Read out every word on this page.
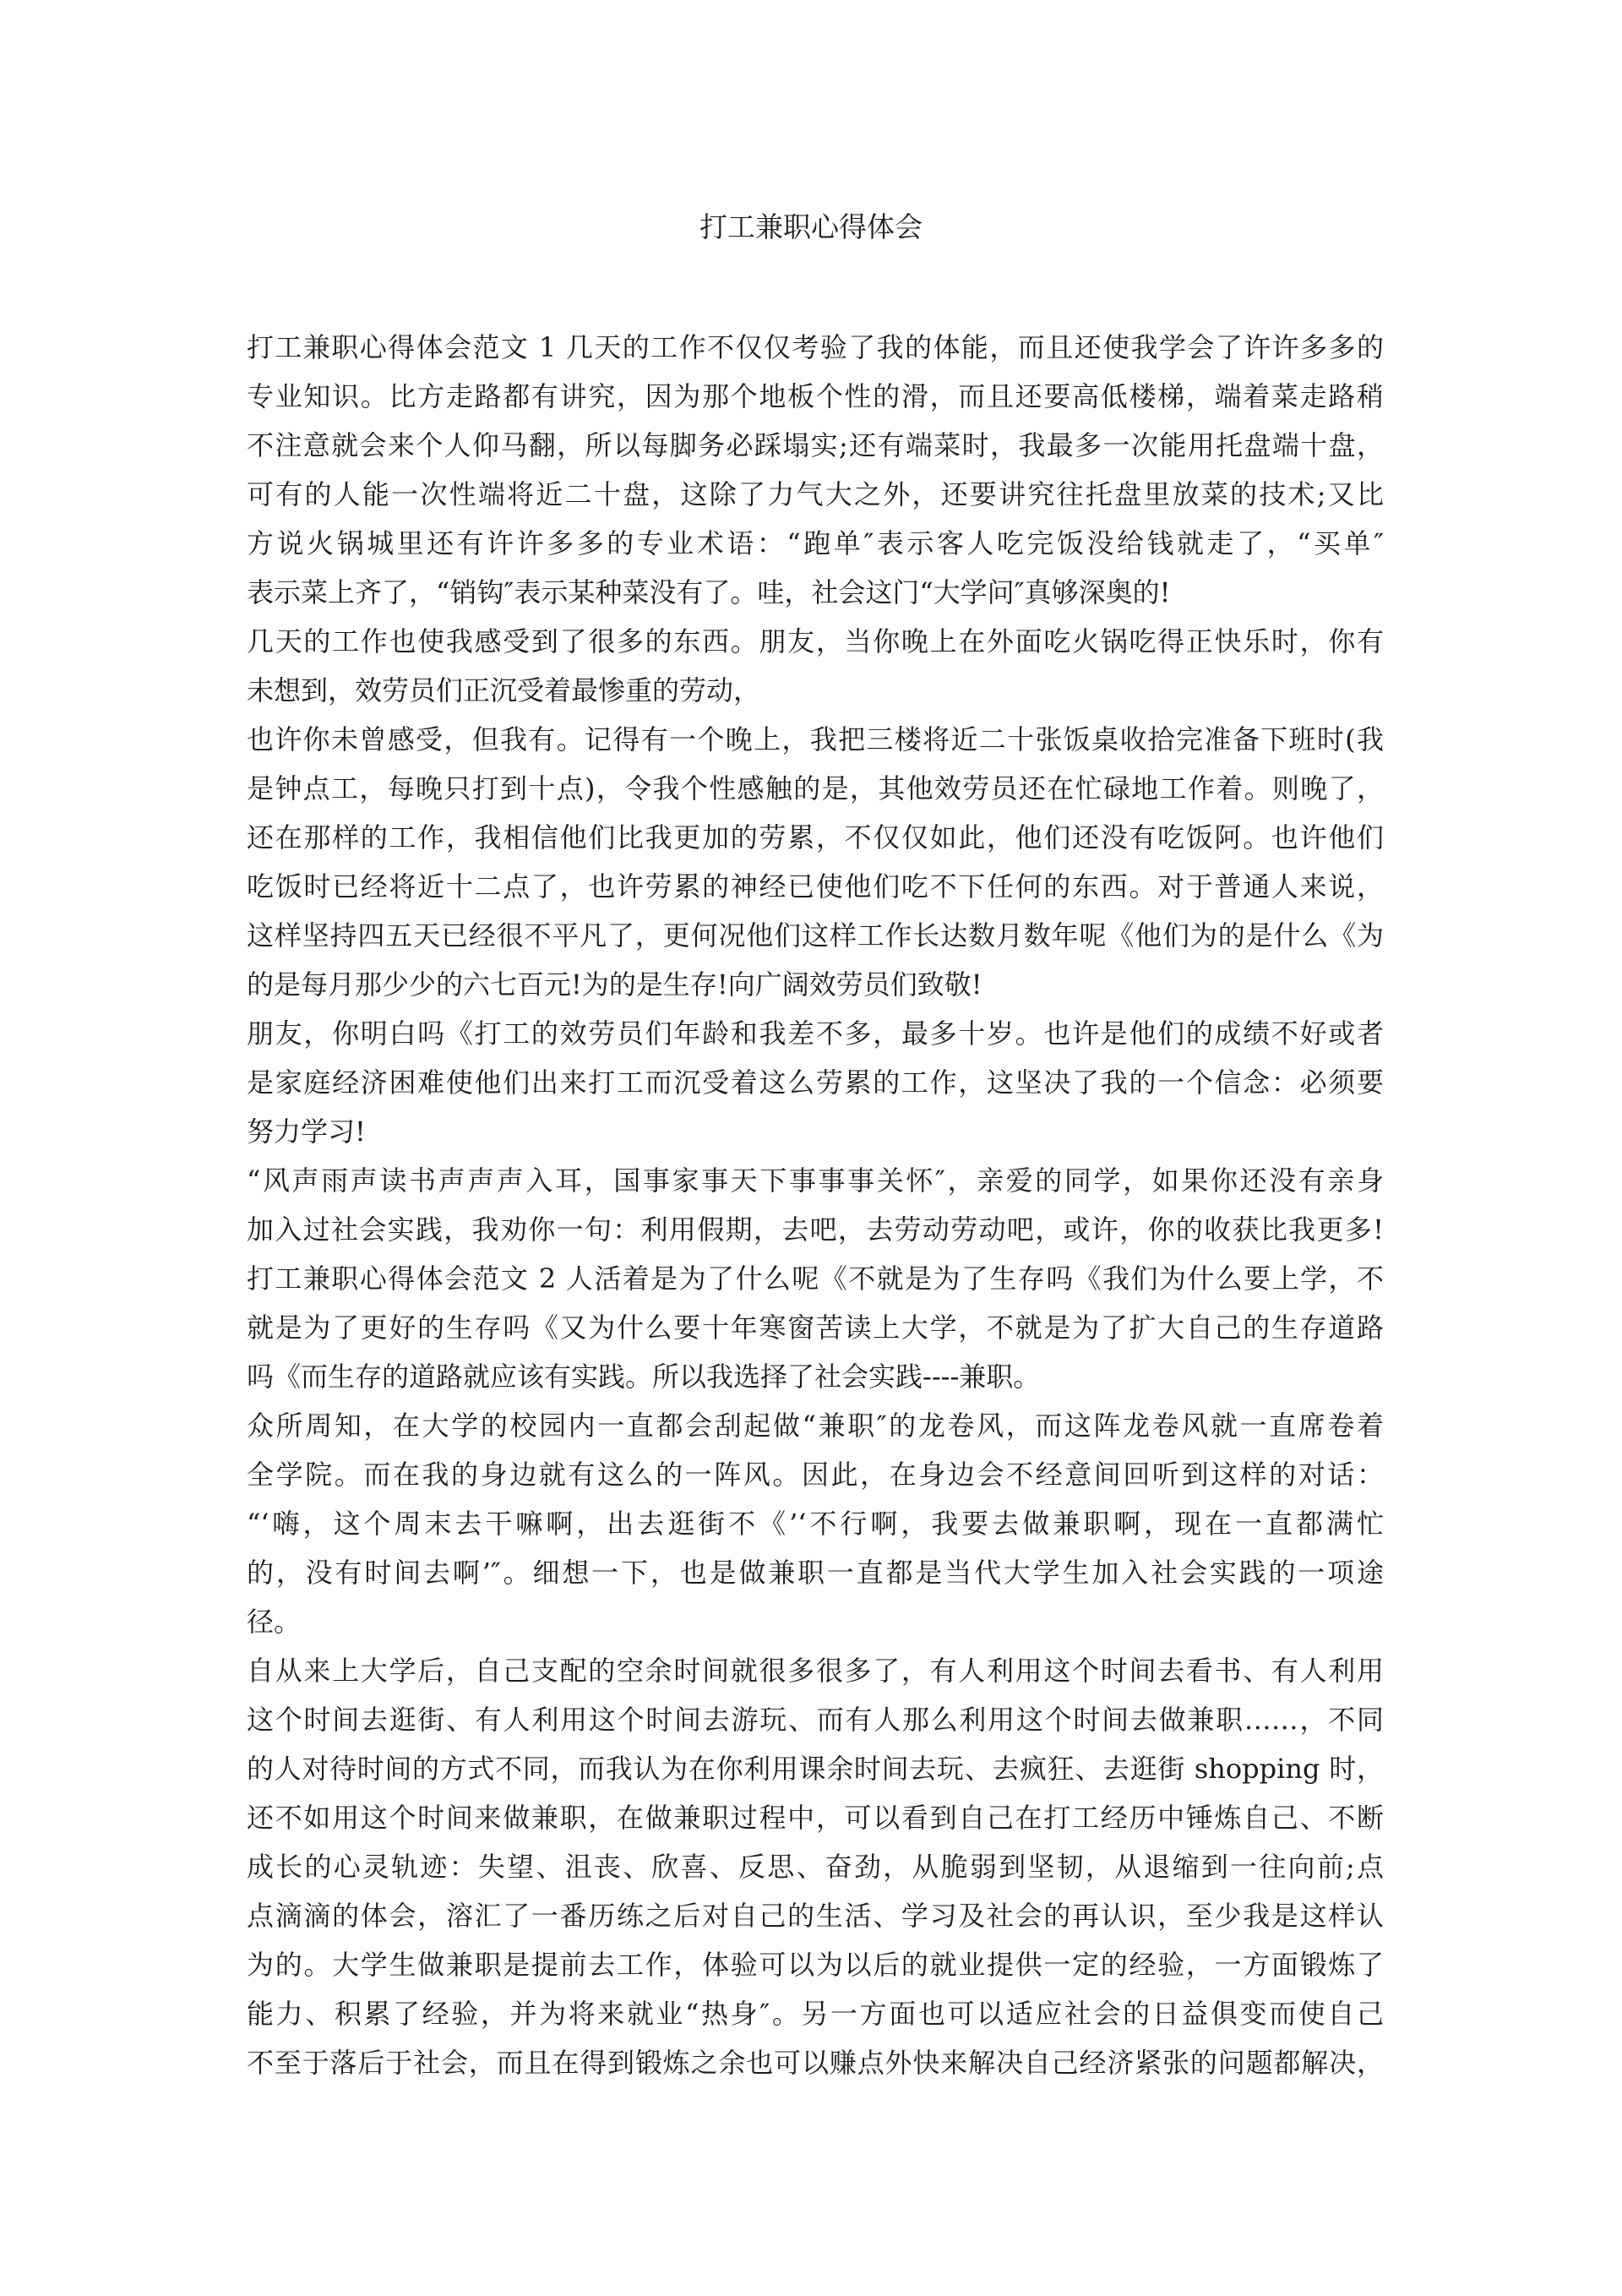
打工兼职心得体会
打工兼职心得体会范文 1 几天的工作不仅仅考验了我的体能，而且还使我学会了许许多多的
专业知识。比方走路都有讲究，因为那个地板个性的滑，而且还要高低楼梯，端着菜走路稍
不注意就会来个人仰马翻，所以每脚务必踩塌实;还有端菜时，我最多一次能用托盘端十盘，
可有的人能一次性端将近二十盘，这除了力气大之外，还要讲究往托盘里放菜的技术;又比
方说火锅城里还有许许多多的专业术语：“跑单″表示客人吃完饭没给钱就走了，“买单″
表示菜上齐了，“销钩″表示某种菜没有了。哇，社会这门“大学问″真够深奥的!
几天的工作也使我感受到了很多的东西。朋友，当你晚上在外面吃火锅吃得正快乐时，你有
未想到，效劳员们正沉受着最惨重的劳动，
也许你未曾感受，但我有。记得有一个晚上，我把三楼将近二十张饭桌收拾完准备下班时(我
是钟点工，每晚只打到十点)，令我个性感触的是，其他效劳员还在忙碌地工作着。则晚了，
还在那样的工作，我相信他们比我更加的劳累，不仅仅如此，他们还没有吃饭阿。也许他们
吃饭时已经将近十二点了，也许劳累的神经已使他们吃不下任何的东西。对于普通人来说，
这样坚持四五天已经很不平凡了，更何况他们这样工作长达数月数年呢《他们为的是什么《为
的是每月那少少的六七百元!为的是生存!向广阔效劳员们致敬!
朋友，你明白吗《打工的效劳员们年龄和我差不多，最多十岁。也许是他们的成绩不好或者
是家庭经济困难使他们出来打工而沉受着这么劳累的工作，这坚决了我的一个信念：必须要
努力学习!
“风声雨声读书声声声入耳，国事家事天下事事事关怀″，亲爱的同学，如果你还没有亲身
加入过社会实践，我劝你一句：利用假期，去吧，去劳动劳动吧，或许，你的收获比我更多!
打工兼职心得体会范文 2 人活着是为了什么呢《不就是为了生存吗《我们为什么要上学，不
就是为了更好的生存吗《又为什么要十年寒窗苦读上大学，不就是为了扩大自己的生存道路
吗《而生存的道路就应该有实践。所以我选择了社会实践----兼职。
众所周知，在大学的校园内一直都会刮起做“兼职″的龙卷风，而这阵龙卷风就一直席卷着
全学院。而在我的身边就有这么的一阵风。因此，在身边会不经意间回听到这样的对话：
“‘嗨，这个周末去干嘛啊，出去逛街不《’‘不行啊，我要去做兼职啊，现在一直都满忙
的，没有时间去啊’″。细想一下，也是做兼职一直都是当代大学生加入社会实践的一项途
径。
自从来上大学后，自己支配的空余时间就很多很多了，有人利用这个时间去看书、有人利用
这个时间去逛街、有人利用这个时间去游玩、而有人那么利用这个时间去做兼职……，不同
的人对待时间的方式不同，而我认为在你利用课余时间去玩、去疯狂、去逛街 shopping 时，
还不如用这个时间来做兼职，在做兼职过程中，可以看到自己在打工经历中锤炼自己、不断
成长的心灵轨迹：失望、沮丧、欣喜、反思、奋劲，从脆弱到坚韧，从退缩到一往向前;点
点滴滴的体会，溶汇了一番历练之后对自己的生活、学习及社会的再认识，至少我是这样认
为的。大学生做兼职是提前去工作，体验可以为以后的就业提供一定的经验，一方面锻炼了
能力、积累了经验，并为将来就业“热身″。另一方面也可以适应社会的日益俱变而使自己
不至于落后于社会，而且在得到锻炼之余也可以赚点外快来解决自己经济紧张的问题都解决，
